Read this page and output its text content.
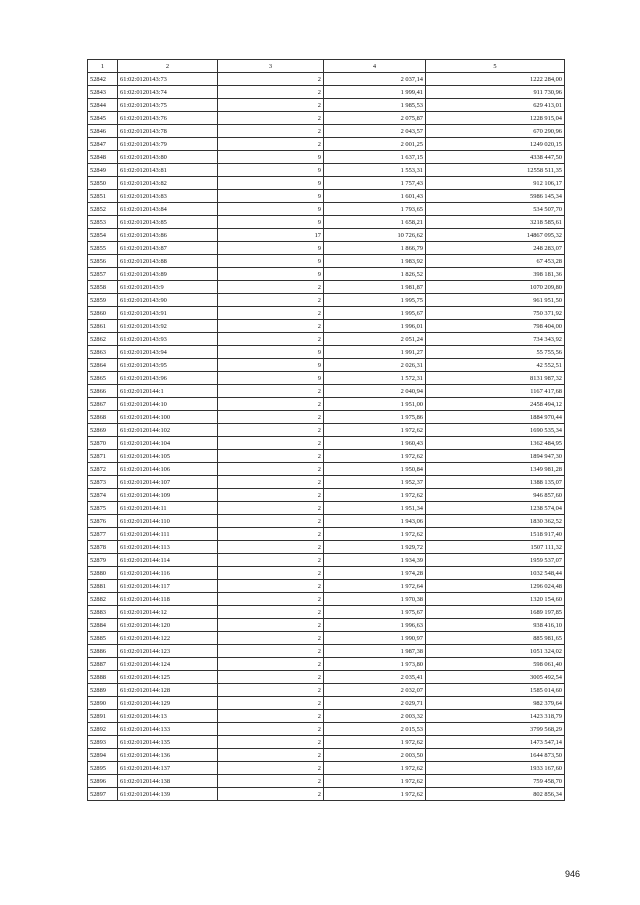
1	2	3	4	5
52842	61:02:0120143:73	2	2 037,14	1222 284,00
52843	61:02:0120143:74	2	1 999,41	911 730,96
52844	61:02:0120143:75	2	1 985,53	629 413,01
52845	61:02:0120143:76	2	2 075,87	1228 915,04
52846	61:02:0120143:78	2	2 043,57	670 290,96
52847	61:02:0120143:79	2	2 001,25	1249 020,15
52848	61:02:0120143:80	9	1 637,15	4338 447,50
52849	61:02:0120143:81	9	1 553,31	12558 511,35
52850	61:02:0120143:82	9	1 757,43	912 106,17
52851	61:02:0120143:83	9	1 601,43	5986 145,34
52852	61:02:0120143:84	9	1 793,65	534 507,70
52853	61:02:0120143:85	9	1 658,21	3218 585,61
52854	61:02:0120143:86	17	10 726,62	14867 095,32
52855	61:02:0120143:87	9	1 866,79	248 283,07
52856	61:02:0120143:88	9	1 983,92	67 453,28
52857	61:02:0120143:89	9	1 826,52	398 181,36
52858	61:02:0120143:9	2	1 981,87	1070 209,80
52859	61:02:0120143:90	2	1 995,75	961 951,50
52860	61:02:0120143:91	2	1 995,67	750 371,92
52861	61:02:0120143:92	2	1 996,01	798 404,00
52862	61:02:0120143:93	2	2 051,24	734 343,92
52863	61:02:0120143:94	9	1 991,27	55 755,56
52864	61:02:0120143:95	9	2 026,31	42 552,51
52865	61:02:0120143:96	9	1 572,31	8131 987,32
52866	61:02:0120144:1	2	2 040,94	1167 417,68
52867	61:02:0120144:10	2	1 951,00	2458 494,12
52868	61:02:0120144:100	2	1 975,86	1884 970,44
52869	61:02:0120144:102	2	1 972,62	1690 535,34
52870	61:02:0120144:104	2	1 960,43	1362 484,95
52871	61:02:0120144:105	2	1 972,62	1894 947,30
52872	61:02:0120144:106	2	1 950,84	1349 981,28
52873	61:02:0120144:107	2	1 952,37	1388 135,07
52874	61:02:0120144:109	2	1 972,62	946 857,60
52875	61:02:0120144:11	2	1 951,34	1238 574,04
52876	61:02:0120144:110	2	1 943,06	1830 362,52
52877	61:02:0120144:111	2	1 972,62	1518 917,40
52878	61:02:0120144:113	2	1 929,72	1507 111,32
52879	61:02:0120144:114	2	1 934,39	1959 537,07
52880	61:02:0120144:116	2	1 974,28	1032 548,44
52881	61:02:0120144:117	2	1 972,64	1296 024,48
52882	61:02:0120144:118	2	1 970,38	1320 154,60
52883	61:02:0120144:12	2	1 975,67	1689 197,85
52884	61:02:0120144:120	2	1 996,63	938 416,10
52885	61:02:0120144:122	2	1 990,97	885 981,65
52886	61:02:0120144:123	2	1 987,38	1051 324,02
52887	61:02:0120144:124	2	1 973,80	598 061,40
52888	61:02:0120144:125	2	2 035,41	3005 492,54
52889	61:02:0120144:128	2	2 032,07	1585 014,60
52890	61:02:0120144:129	2	2 029,71	982 379,64
52891	61:02:0120144:13	2	2 003,32	1423 318,79
52892	61:02:0120144:133	2	2 015,53	3799 568,29
52893	61:02:0120144:135	2	1 972,62	1473 547,14
52894	61:02:0120144:136	2	2 003,50	1644 873,50
52895	61:02:0120144:137	2	1 972,62	1933 167,60
52896	61:02:0120144:138	2	1 972,62	759 458,70
52897	61:02:0120144:139	2	1 972,62	802 856,34
946
